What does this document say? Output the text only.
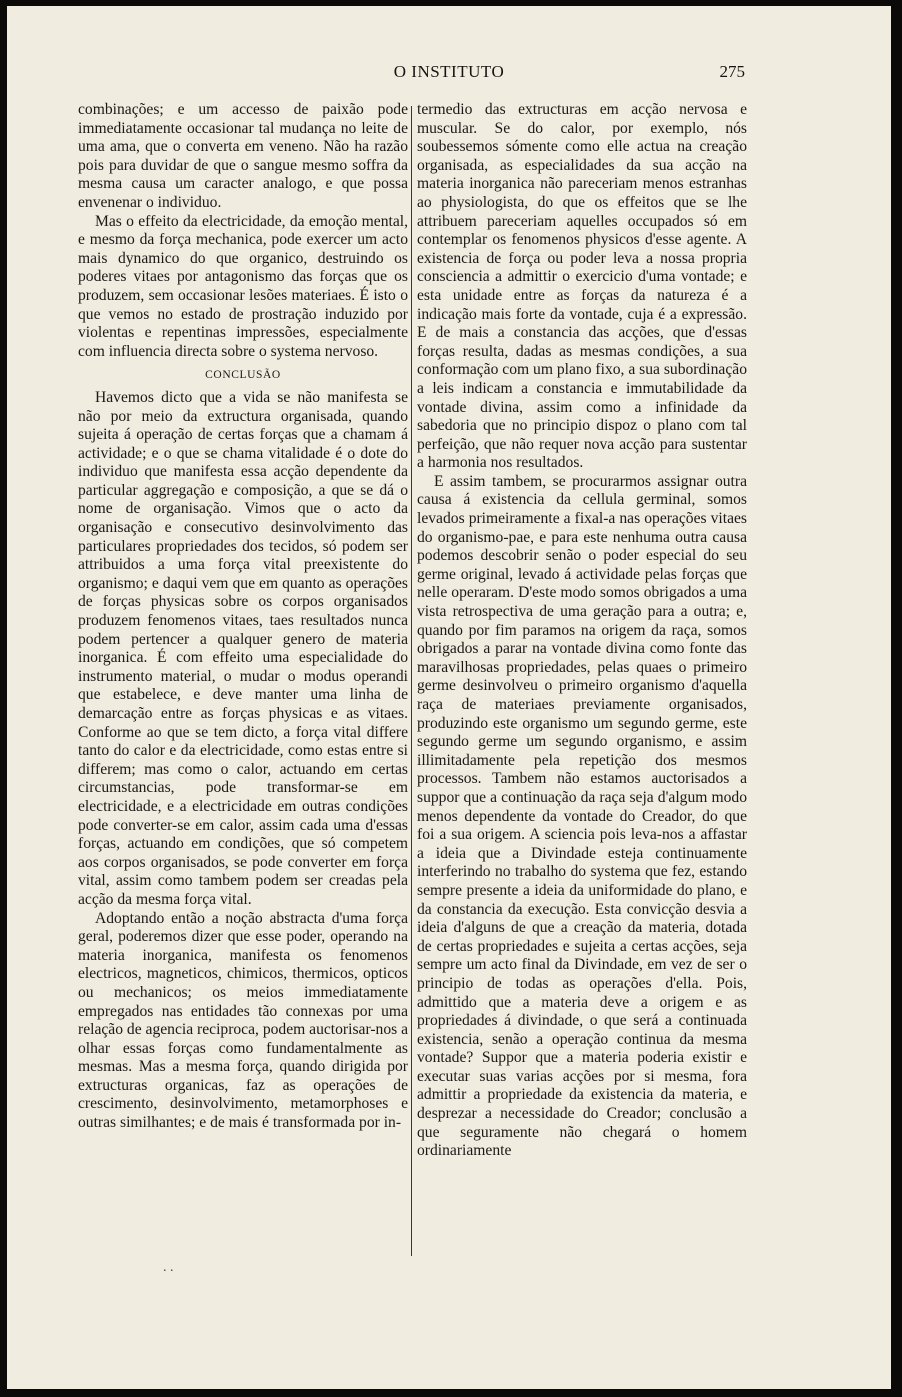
O INSTITUTO	275

combinações; e um accesso de paixão pode immediatamente occasionar tal mudança no leite de uma ama, que o converta em veneno. Não ha razão pois para duvidar de que o sangue mesmo soffra da mesma causa um caracter analogo, e que possa envenenar o individuo.

Mas o effeito da electricidade, da emoção mental, e mesmo da força mechanica, pode exercer um acto mais dynamico do que organico, destruindo os poderes vitaes por antagonismo das forças que os produzem, sem occasionar lesões materiaes. É isto o que vemos no estado de prostração induzido por violentas e repentinas impressões, especialmente com influencia directa sobre o systema nervoso.

CONCLUSÃO

Havemos dicto que a vida se não manifesta se não por meio da extructura organisada, quando sujeita á operação de certas forças que a chamam á actividade; e o que se chama vitalidade é o dote do individuo que manifesta essa acção dependente da particular aggregação e composição, a que se dá o nome de organisação. Vimos que o acto da organisação e consecutivo desinvolvimento das particulares propriedades dos tecidos, só podem ser attribuidos a uma força vital preexistente do organismo; e daqui vem que em quanto as operações de forças physicas sobre os corpos organisados produzem fenomenos vitaes, taes resultados nunca podem pertencer a qualquer genero de materia inorganica. É com effeito uma especialidade do instrumento material, o mudar o modus operandi que estabelece, e deve manter uma linha de demarcação entre as forças physicas e as vitaes. Conforme ao que se tem dicto, a força vital differe tanto do calor e da electricidade, como estas entre si differem; mas como o calor, actuando em certas circumstancias, pode transformar-se em electricidade, e a electricidade em outras condições pode converter-se em calor, assim cada uma d'essas forças, actuando em condições, que só competem aos corpos organisados, se pode converter em força vital, assim como tambem podem ser creadas pela acção da mesma força vital.

Adoptando então a noção abstracta d'uma força geral, poderemos dizer que esse poder, operando na materia inorganica, manifesta os fenomenos electricos, magneticos, chimicos, thermicos, opticos ou mechanicos; os meios immediatamente empregados nas entidades tão connexas por uma relação de agencia reciproca, podem auctorisar-nos a olhar essas forças como fundamentalmente as mesmas. Mas a mesma força, quando dirigida por extructuras organicas, faz as operações de crescimento, desinvolvimento, metamorphoses e outras similhantes; e de mais é transformada por in-

termedio das extructuras em acção nervosa e muscular. Se do calor, por exemplo, nós soubessemos sómente como elle actua na creação organisada, as especialidades da sua acção na materia inorganica não pareceriam menos estranhas ao physiologista, do que os effeitos que se lhe attribuem pareceriam aquelles occupados só em contemplar os fenomenos physicos d'esse agente. A existencia de força ou poder leva a nossa propria consciencia a admittir o exercicio d'uma vontade; e esta unidade entre as forças da natureza é a indicação mais forte da vontade, cuja é a expressão. E de mais a constancia das acções, que d'essas forças resulta, dadas as mesmas condições, a sua conformação com um plano fixo, a sua subordinação a leis indicam a constancia e immutabilidade da vontade divina, assim como a infinidade da sabedoria que no principio dispoz o plano com tal perfeição, que não requer nova acção para sustentar a harmonia nos resultados.

E assim tambem, se procurarmos assignar outra causa á existencia da cellula germinal, somos levados primeiramente a fixal-a nas operações vitaes do organismo-pae, e para este nenhuma outra causa podemos descobrir senão o poder especial do seu germe original, levado á actividade pelas forças que nelle operaram. D'este modo somos obrigados a uma vista retrospectiva de uma geração para a outra; e, quando por fim paramos na origem da raça, somos obrigados a parar na vontade divina como fonte das maravilhosas propriedades, pelas quaes o primeiro germe desinvolveu o primeiro organismo d'aquella raça de materiaes previamente organisados, produzindo este organismo um segundo germe, este segundo germe um segundo organismo, e assim illimitadamente pela repetição dos mesmos processos. Tambem não estamos auctorisados a suppor que a continuação da raça seja d'algum modo menos dependente da vontade do Creador, do que foi a sua origem. A sciencia pois leva-nos a affastar a ideia que a Divindade esteja continuamente interferindo no trabalho do systema que fez, estando sempre presente a ideia da uniformidade do plano, e da constancia da execução. Esta convicção desvia a ideia d'alguns de que a creação da materia, dotada de certas propriedades e sujeita a certas acções, seja sempre um acto final da Divindade, em vez de ser o principio de todas as operações d'ella. Pois, admittido que a materia deve a origem e as propriedades á divindade, o que será a continuada existencia, senão a operação continua da mesma vontade? Suppor que a materia poderia existir e executar suas varias acções por si mesma, fora admittir a propriedade da existencia da materia, e desprezar a necessidade do Creador; conclusão a que seguramente não chegará o homem ordinariamente

. .
